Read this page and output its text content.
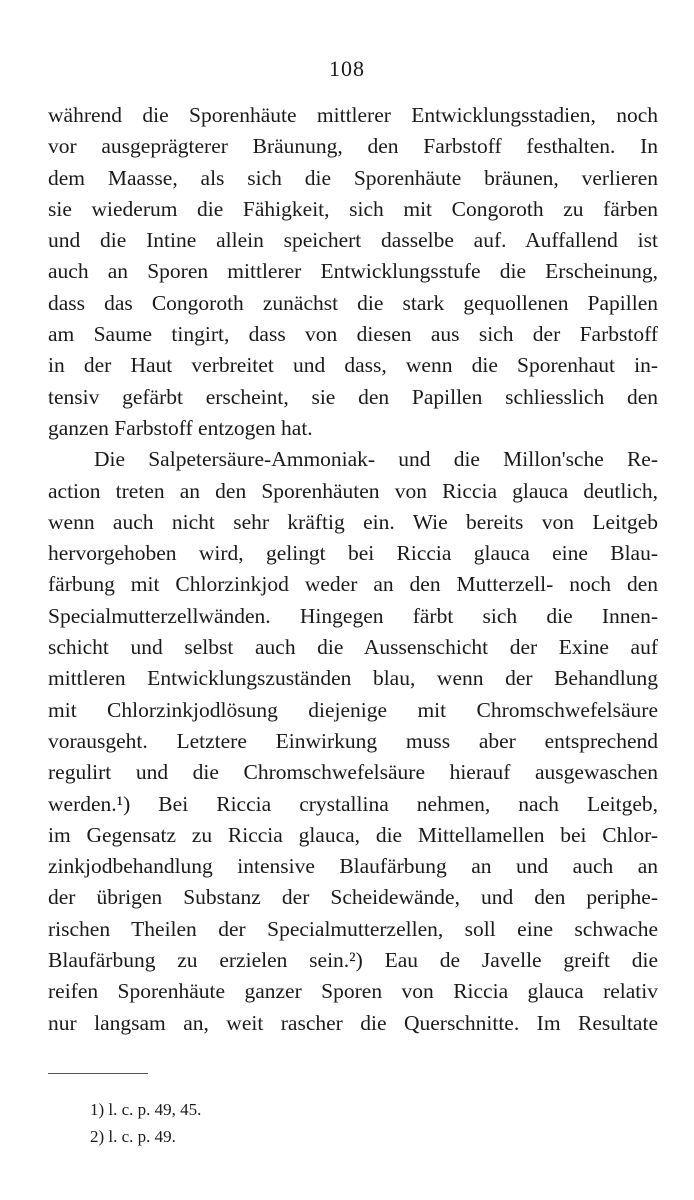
108
während die Sporenhäute mittlerer Entwicklungsstadien, noch
vor ausgeprägterer Bräunung, den Farbstoff festhalten. In
dem Maasse, als sich die Sporenhäute bräunen, verlieren
sie wiederum die Fähigkeit, sich mit Congoroth zu färben
und die Intine allein speichert dasselbe auf. Auffallend ist
auch an Sporen mittlerer Entwicklungsstufe die Erscheinung,
dass das Congoroth zunächst die stark gequollenen Papillen
am Saume tingirt, dass von diesen aus sich der Farbstoff
in der Haut verbreitet und dass, wenn die Sporenhaut in-
tensiv gefärbt erscheint, sie den Papillen schliesslich den
ganzen Farbstoff entzogen hat.
Die Salpetersäure-Ammoniak- und die Millon'sche Re-
action treten an den Sporenhäuten von Riccia glauca deutlich,
wenn auch nicht sehr kräftig ein. Wie bereits von Leitgeb
hervorgehoben wird, gelingt bei Riccia glauca eine Blau-
färbung mit Chlorzinkjod weder an den Mutterzell- noch den
Specialmutterzellwänden. Hingegen färbt sich die Innen-
schicht und selbst auch die Aussenschicht der Exine auf
mittleren Entwicklungszuständen blau, wenn der Behandlung
mit Chlorzinkjodlösung diejenige mit Chromschwefelsäure
vorausgeht. Letztere Einwirkung muss aber entsprechend
regulirt und die Chromschwefelsäure hierauf ausgewaschen
werden.¹) Bei Riccia crystallina nehmen, nach Leitgeb,
im Gegensatz zu Riccia glauca, die Mittellamellen bei Chlor-
zinkjodbehandlung intensive Blaufärbung an und auch an
der übrigen Substanz der Scheidewände, und den periphe-
rischen Theilen der Specialmutterzellen, soll eine schwache
Blaufärbung zu erzielen sein.²) Eau de Javelle greift die
reifen Sporenhäute ganzer Sporen von Riccia glauca relativ
nur langsam an, weit rascher die Querschnitte. Im Resultate
1) l. c. p. 49, 45.
2) l. c. p. 49.
